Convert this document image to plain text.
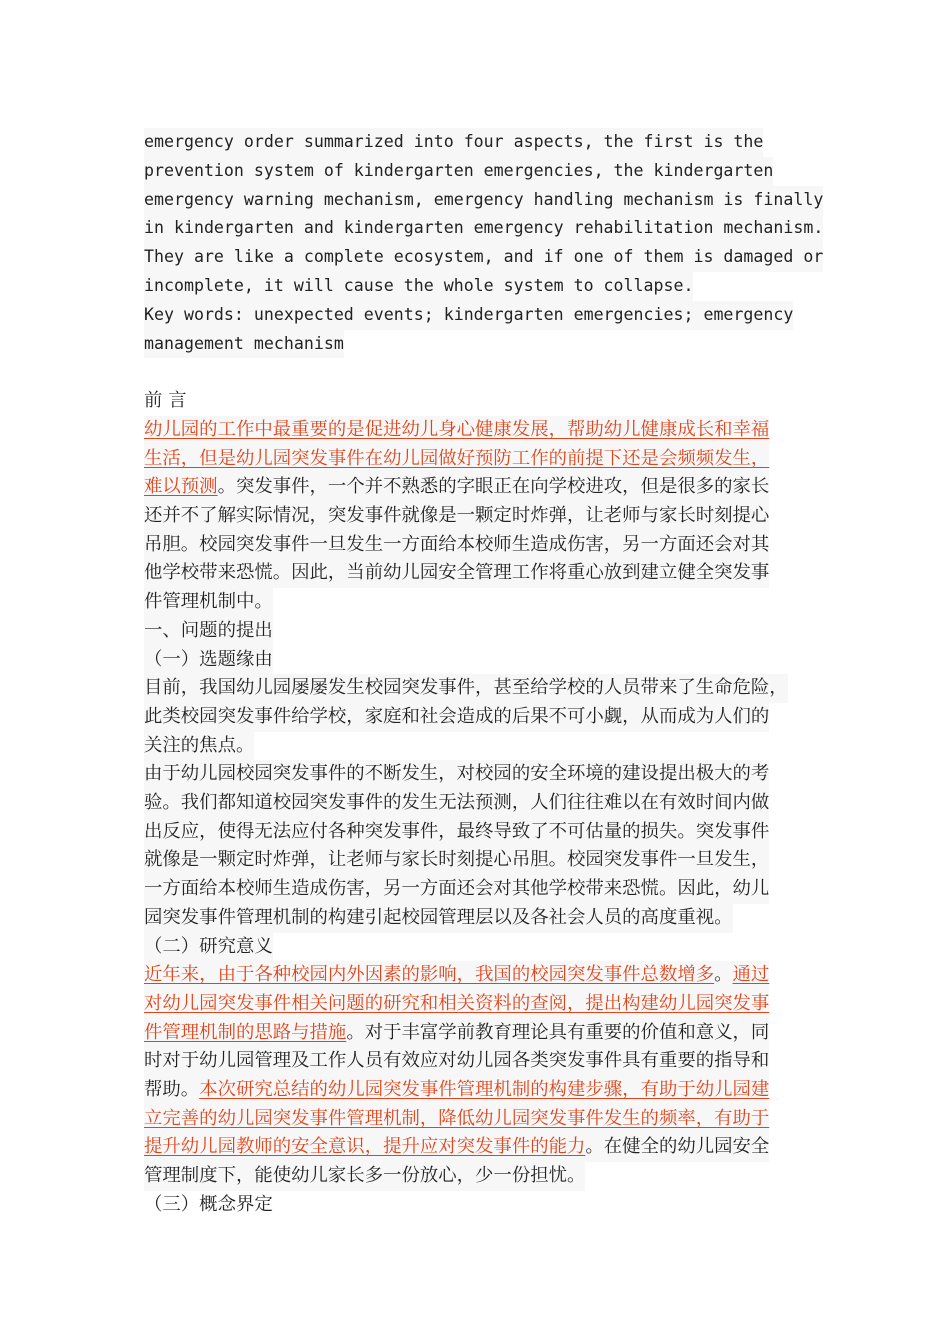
emergency order summarized into four aspects, the first is the
prevention system of kindergarten emergencies, the kindergarten
emergency warning mechanism, emergency handling mechanism is finally
in kindergarten and kindergarten emergency rehabilitation mechanism.
They are like a complete ecosystem, and if one of them is damaged or
incomplete, it will cause the whole system to collapse.
Key words: unexpected events; kindergarten emergencies; emergency
management mechanism
前 言
幼儿园的工作中最重要的是促进幼儿身心健康发展，帮助幼儿健康成长和幸福
生活，但是幼儿园突发事件在幼儿园做好预防工作的前提下还是会频频发生，
难以预测。突发事件，一个并不熟悉的字眼正在向学校进攻，但是很多的家长
还并不了解实际情况，突发事件就像是一颗定时炸弹，让老师与家长时刻提心
吊胆。校园突发事件一旦发生一方面给本校师生造成伤害，另一方面还会对其
他学校带来恐慌。因此，当前幼儿园安全管理工作将重心放到建立健全突发事
件管理机制中。
一、问题的提出
（一）选题缘由
目前，我国幼儿园屡屡发生校园突发事件，甚至给学校的人员带来了生命危险，
此类校园突发事件给学校，家庭和社会造成的后果不可小觑，从而成为人们的
关注的焦点。
由于幼儿园校园突发事件的不断发生，对校园的安全环境的建设提出极大的考
验。我们都知道校园突发事件的发生无法预测，人们往往难以在有效时间内做
出反应，使得无法应付各种突发事件，最终导致了不可估量的损失。突发事件
就像是一颗定时炸弹，让老师与家长时刻提心吊胆。校园突发事件一旦发生，
一方面给本校师生造成伤害，另一方面还会对其他学校带来恐慌。因此，幼儿
园突发事件管理机制的构建引起校园管理层以及各社会人员的高度重视。
（二）研究意义
近年来，由于各种校园内外因素的影响，我国的校园突发事件总数增多。通过
对幼儿园突发事件相关问题的研究和相关资料的查阅，提出构建幼儿园突发事
件管理机制的思路与措施。对于丰富学前教育理论具有重要的价值和意义，同
时对于幼儿园管理及工作人员有效应对幼儿园各类突发事件具有重要的指导和
帮助。本次研究总结的幼儿园突发事件管理机制的构建步骤，有助于幼儿园建
立完善的幼儿园突发事件管理机制，降低幼儿园突发事件发生的频率，有助于
提升幼儿园教师的安全意识，提升应对突发事件的能力。在健全的幼儿园安全
管理制度下，能使幼儿家长多一份放心，少一份担忧。
（三）概念界定
